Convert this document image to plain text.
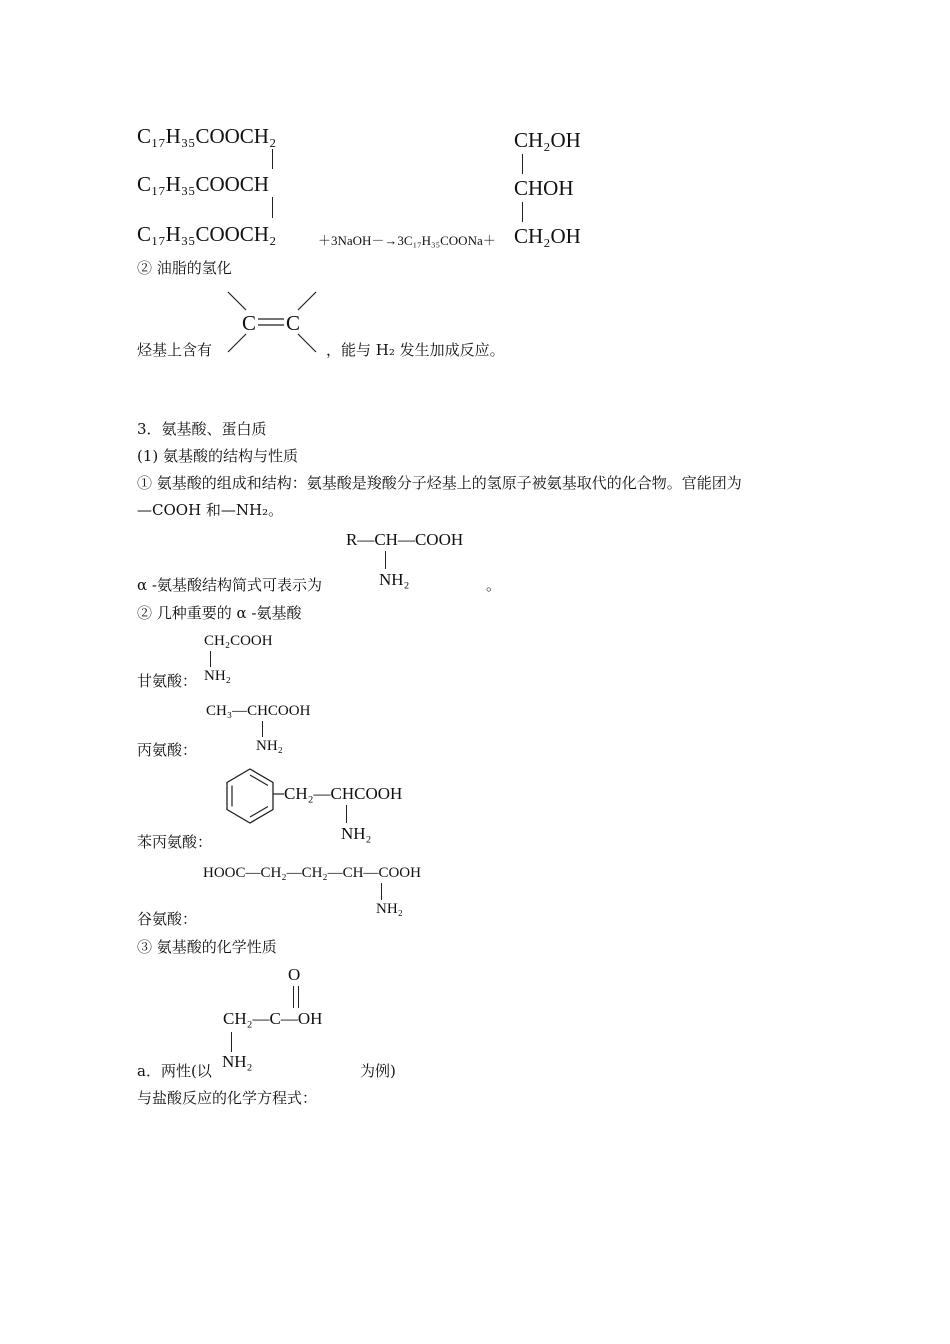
C₁₇H₃₅COOCH₂
C₁₇H₃₅COOCH
C₁₇H₃₅COOCH₂	＋3NaOH－→3C₁₇H₃₅COONa＋
CH₂OH
CHOH
CH₂OH
② 油脂的氢化
C C
烃基上含有	，能与 H₂ 发生加成反应。
3．氨基酸、蛋白质
(1) 氨基酸的结构与性质
① 氨基酸的组成和结构：氨基酸是羧酸分子烃基上的氢原子被氨基取代的化合物。官能团为
—COOH 和—NH₂。
R—CH—COOH
NH₂
α -氨基酸结构简式可表示为	。
② 几种重要的 α -氨基酸
CH₂COOH
NH₂
甘氨酸：
CH₃—CHCOOH
NH₂
丙氨酸：
CH₂—CHCOOH
NH₂
苯丙氨酸：
HOOC—CH₂—CH₂—CH—COOH
NH₂
谷氨酸：
③ 氨基酸的化学性质
O
CH₂—C—OH
NH₂
a．两性(以	为例)
与盐酸反应的化学方程式：
